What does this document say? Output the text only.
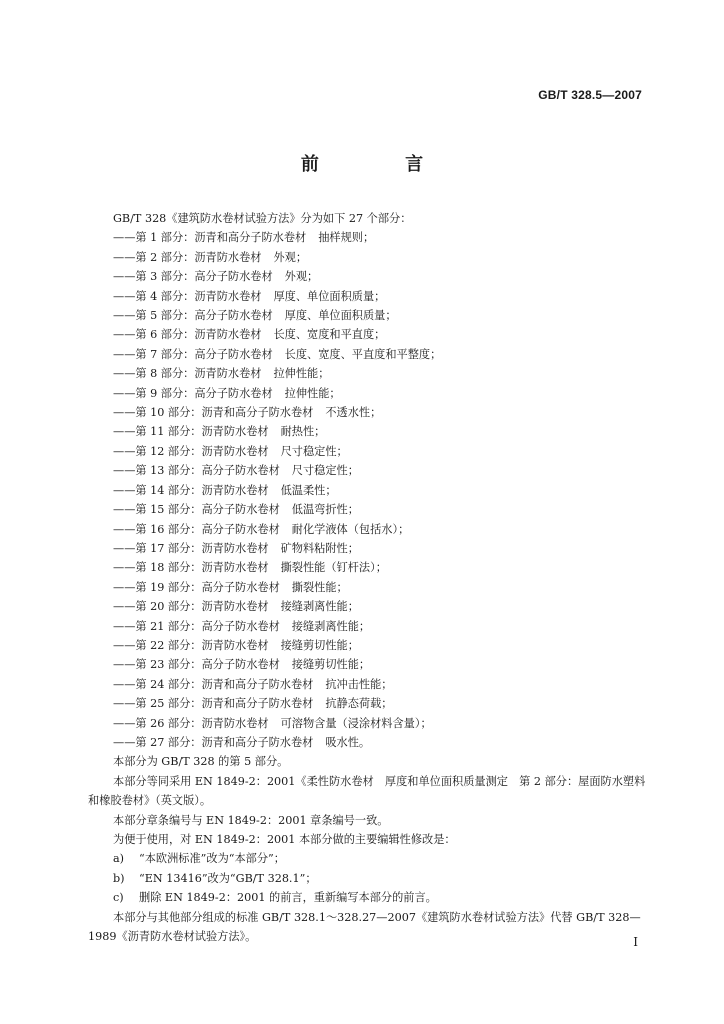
GB/T 328.5—2007
前 言
GB/T 328《建筑防水卷材试验方法》分为如下 27 个部分：
——第 1 部分：沥青和高分子防水卷材 抽样规则；
——第 2 部分：沥青防水卷材 外观；
——第 3 部分：高分子防水卷材 外观；
——第 4 部分：沥青防水卷材 厚度、单位面积质量；
——第 5 部分：高分子防水卷材 厚度、单位面积质量；
——第 6 部分：沥青防水卷材 长度、宽度和平直度；
——第 7 部分：高分子防水卷材 长度、宽度、平直度和平整度；
——第 8 部分：沥青防水卷材 拉伸性能；
——第 9 部分：高分子防水卷材 拉伸性能；
——第 10 部分：沥青和高分子防水卷材 不透水性；
——第 11 部分：沥青防水卷材 耐热性；
——第 12 部分：沥青防水卷材 尺寸稳定性；
——第 13 部分：高分子防水卷材 尺寸稳定性；
——第 14 部分：沥青防水卷材 低温柔性；
——第 15 部分：高分子防水卷材 低温弯折性；
——第 16 部分：高分子防水卷材 耐化学液体（包括水）；
——第 17 部分：沥青防水卷材 矿物料粘附性；
——第 18 部分：沥青防水卷材 撕裂性能（钉杆法）；
——第 19 部分：高分子防水卷材 撕裂性能；
——第 20 部分：沥青防水卷材 接缝剥离性能；
——第 21 部分：高分子防水卷材 接缝剥离性能；
——第 22 部分：沥青防水卷材 接缝剪切性能；
——第 23 部分：高分子防水卷材 接缝剪切性能；
——第 24 部分：沥青和高分子防水卷材 抗冲击性能；
——第 25 部分：沥青和高分子防水卷材 抗静态荷载；
——第 26 部分：沥青防水卷材 可溶物含量（浸涂材料含量）；
——第 27 部分：沥青和高分子防水卷材 吸水性。
本部分为 GB/T 328 的第 5 部分。
本部分等同采用 EN 1849-2：2001《柔性防水卷材　厚度和单位面积质量测定　第 2 部分：屋面防水塑料和橡胶卷材》（英文版）。
本部分章条编号与 EN 1849-2：2001 章条编号一致。
为便于使用，对 EN 1849-2：2001 本部分做的主要编辑性修改是：
a) “本欧洲标准”改为“本部分”；
b) “EN 13416”改为“GB/T 328.1”；
c) 删除 EN 1849-2：2001 的前言，重新编写本部分的前言。
本部分与其他部分组成的标准 GB/T 328.1～328.27—2007《建筑防水卷材试验方法》代替 GB/T 328—1989《沥青防水卷材试验方法》。	I
